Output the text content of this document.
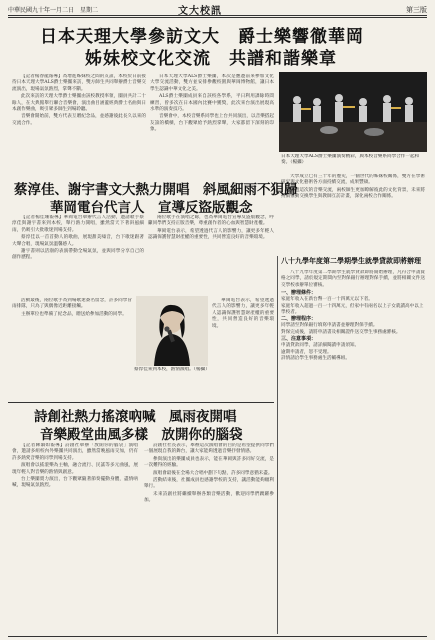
中華民國九十年一月二日　星期二	文大校訊	第三版
日本天理大學參訪文大　爵士樂響徹華岡
姊妹校文化交流　共譜和諧樂章

【記者楊春龍報導】為增進姊妹校之間的友誼，本校於日前接待日本天理大學ALS爵士樂團來訪，雙方師生共同舉辦爵士音樂交流演出，現場氣氛熱烈，掌聲不斷。

此次來訪的天理大學爵士樂團由該校教授率領，團員共計二十餘人，在大典館舉行聯合音樂會，演出曲目涵蓋經典爵士名曲與日本創作樂曲，吸引眾多師生到場聆聽。

音樂會開始前，雙方代表互贈紀念品，並感謝彼此長久以來的交流合作。

日本天理大學ALS爵士樂團，本次是應邀前來參加文化大學交流活動，雙方並安排參觀校園與華岡博物館，讓日本學生認識中華文化之美。

ALS爵士樂團成員來自該校各學系，平日利用課餘時間練習，曾多次在日本國內比賽中獲獎，此次來台演出展現高水準的演奏技巧。

音樂會中，本校音樂系同學也上台共同演出，以音樂搭起友誼的橋樑，台下觀眾給予熱烈掌聲，大家都留下深刻的印象。

日本天理大學ALS爵士樂團演奏精彩，與本校音樂系同學合作一起和奏。（楊攝）

大學成立已有三十年的歷史，一個世代的姊妹校關係，雙方在學術研究與文化藝術各方面持續交流，成果豐碩。

透過這次的音樂交流，兩校師生更加瞭解彼此的文化背景，未來將持續推動交換學生與教師互訪計畫，深化兩校合作關係。

蔡淳佳、謝宇書文大熱力開唱　斜風細雨不狽歸
華岡電台代言人　宣導反盜版觀念

【記者楊佳珊報導】華岡電台舉辦代言人活動，邀請歌手蔡淳佳與謝宇書來到本校，舉行熱力開唱，雖然當天下著斜風細雨，仍吸引大批歌迷到場支持。

蔡淳佳以一首首動人的歌曲，展現甜美嗓音，台下歌迷跟著大聲合唱，現場氣氛溫馨感人。

謝宇書則以活潑的表演帶動全場氣氛，並與同學分享自己的創作歷程。

兩位歌手在演唱之餘，也為華岡電台宣導反盜版觀念，呼籲同學們支持正版音樂，尊重創作者的心血與智慧財產權。

華岡電台表示，希望透過代言人的影響力，讓更多年輕人認識保護智慧財產權的重要性，共同營造良好的音樂環境。

活動最後，兩位歌手為到場歌迷簽名留念，許多同學冒雨排隊，只為了與偶像近距離接觸。

主辦單位也準備了紀念品，贈送給參加活動的同學。

蔡淳佳來到本校，熱情演唱。（楊攝）

華岡電台表示，希望透過代言人的影響力，讓更多年輕人認識保護智慧財產權的重要性，共同營造良好的音樂環境。

八十九學年度第二學期學生就學貸款即將辦理

八十九學年度第二學期學生就學貸款即將開始辦理，凡符合申請資格之同學，請於規定期間內至對保銀行辦理對保手續，並將相關文件送交學校承辦單位審核。

一、辦理條件：

家庭年收入在新台幣一百一十四萬元以下者。

家庭年收入超過一百一十四萬元，但家中有兩名以上子女就讀高中以上學校者。

二、辦理程序：

同學請至對保銀行填寫申請書並辦理對保手續。

對保完成後，請將申請書及相關證件送交學生事務處審核。

三、注意事項：

申請貸款同學，請詳細閱讀申請須知。

逾期申請者，恕不受理。

詳情請洽學生事務處生活輔導組。

詩創社熱力搖滾吶喊　風雨夜開唱
音樂殿堂曲風多樣　放開你的腦袋

【記者陳韻如報導】詩創社舉辦「放開你的腦袋」演唱會，邀請多組校內外樂團共同演出，雖然當晚風雨交加，仍有許多熱愛音樂的同學到場支持。

演唱會以搖滾樂為主軸，融合流行、民謠等多元曲風，展現年輕人對音樂的熱情與創意。

台上樂團賣力演出，台下觀眾隨著節奏擺動身體，盡情吶喊，現場氣氛熱烈。

詩創社社長表示，舉辦這次演唱會的目的是希望提供同學們一個展現自我的舞台，讓大家能夠透過音樂抒發情感。

參與演出的樂團成員也表示，能在華岡與許多同好交流，是一次難得的經驗。

演唱會最後在全場大合唱中劃下句點，許多同學意猶未盡。

活動結束後，社團成員也感謝學校的支持，讓活動能夠順利舉行。

未來詩創社將繼續舉辦各類音樂活動，歡迎同學們踴躍參加。
